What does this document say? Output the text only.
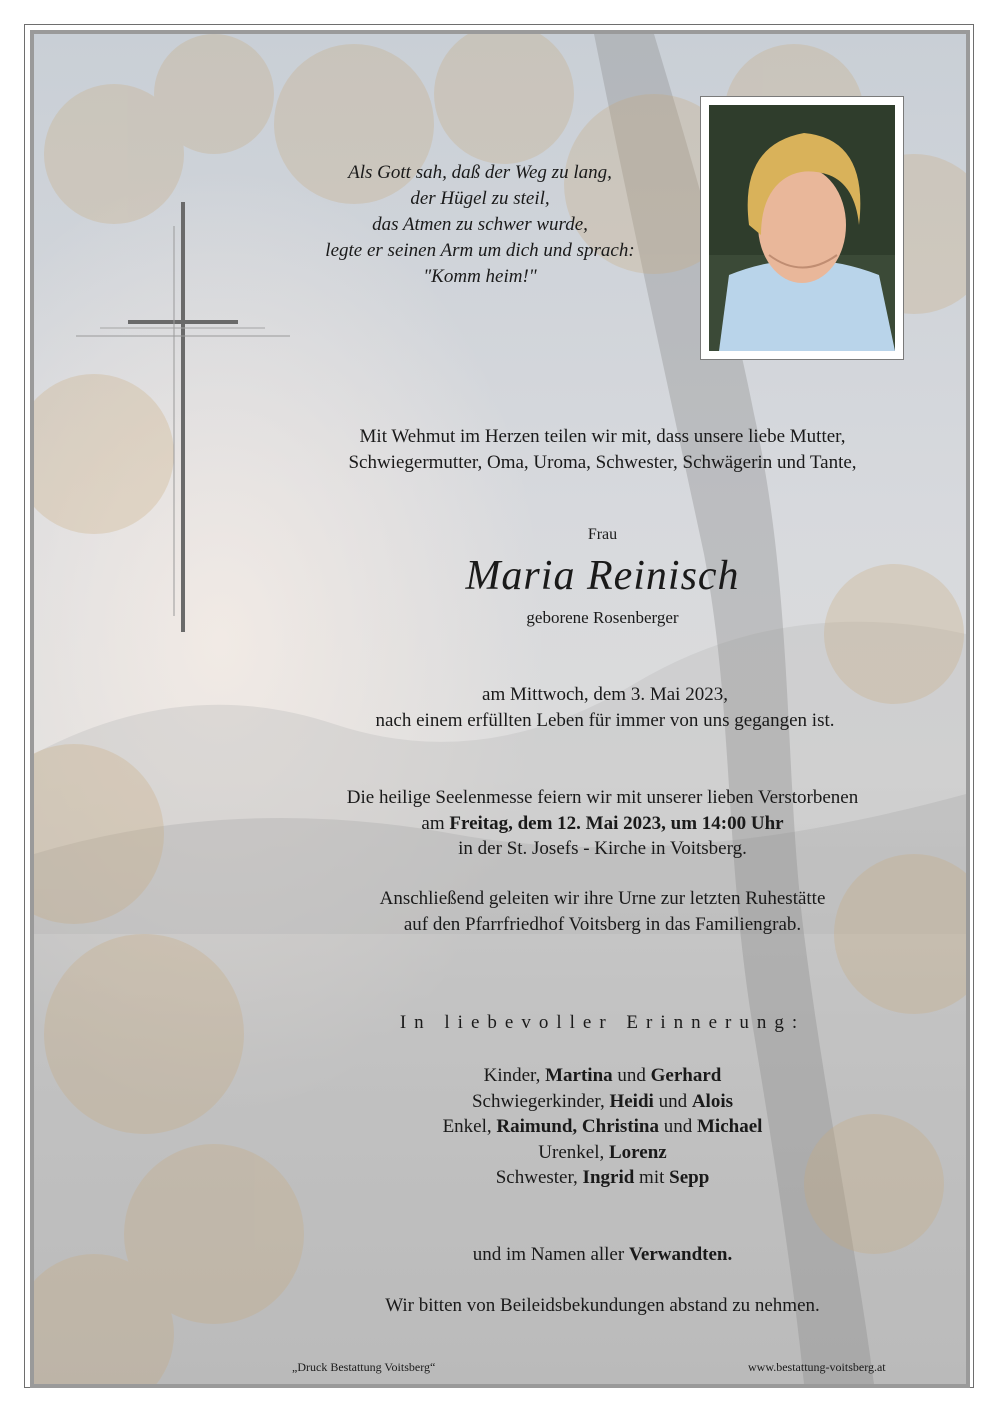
Als Gott sah, daß der Weg zu lang,
der Hügel zu steil,
das Atmen zu schwer wurde,
legte er seinen Arm um dich und sprach:
"Komm heim!"
Mit Wehmut im Herzen teilen wir mit, dass unsere liebe Mutter,
Schwiegermutter, Oma, Uroma, Schwester, Schwägerin und Tante,
Frau
Maria Reinisch
geborene Rosenberger
am Mittwoch, dem 3. Mai 2023,
nach einem erfüllten Leben für immer von uns gegangen ist.
Die heilige Seelenmesse feiern wir mit unserer lieben Verstorbenen
am Freitag, dem 12. Mai 2023, um 14:00 Uhr
in der St. Josefs - Kirche in Voitsberg.
Anschließend geleiten wir ihre Urne zur letzten Ruhestätte
auf den Pfarrfriedhof Voitsberg in das Familiengrab.
In liebevoller Erinnerung:
Kinder, Martina und Gerhard
Schwiegerkinder, Heidi und Alois
Enkel, Raimund, Christina und Michael
Urenkel, Lorenz
Schwester, Ingrid mit Sepp
und im Namen aller Verwandten.
Wir bitten von Beileidsbekundungen abstand zu nehmen.
„Druck Bestattung Voitsberg“	www.bestattung-voitsberg.at
